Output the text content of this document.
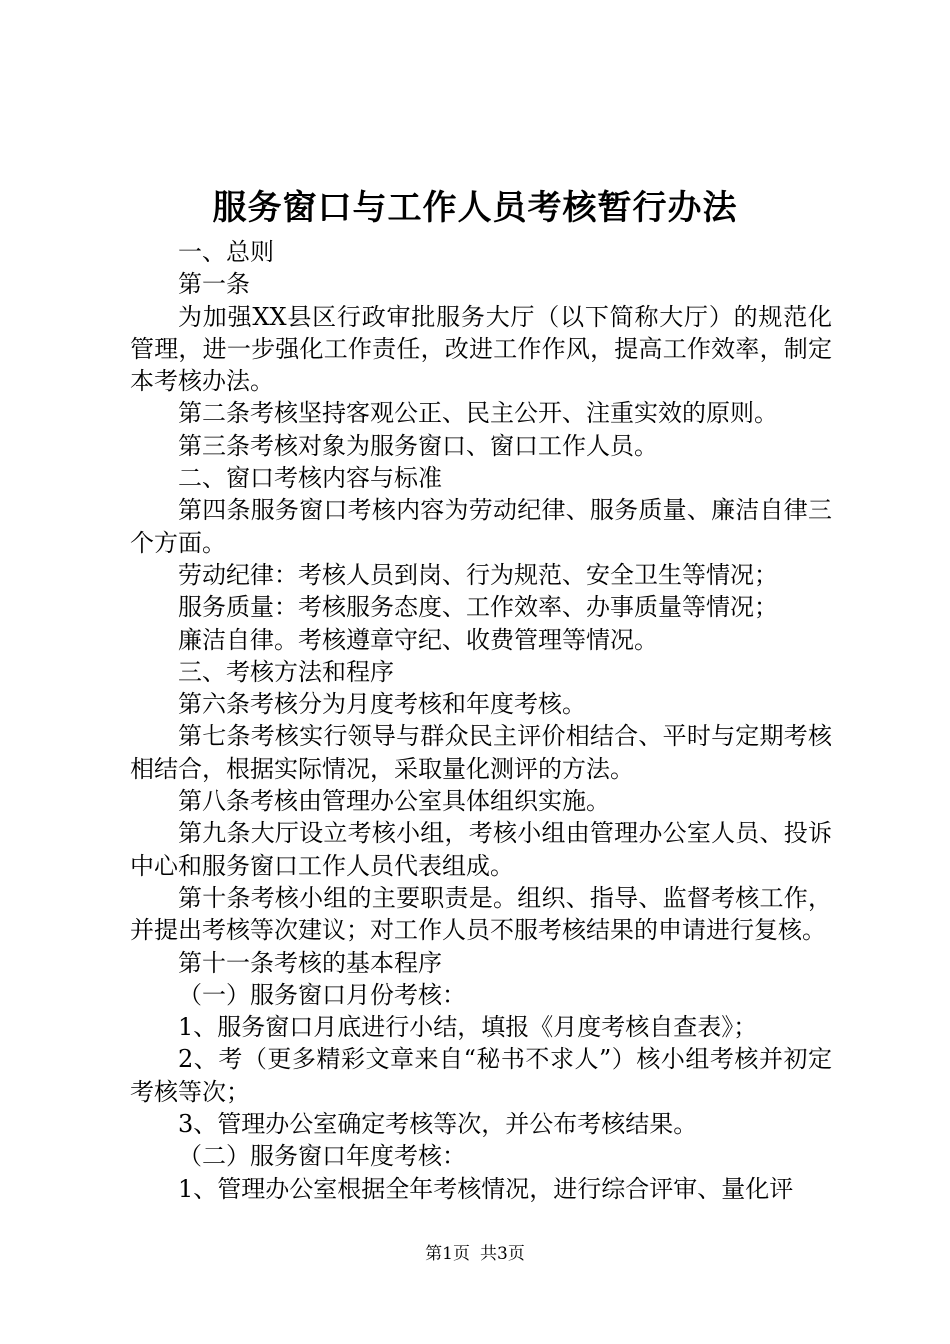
服务窗口与工作人员考核暂行办法

一、总则

第一条

为加强XX县区行政审批服务大厅（以下简称大厅）的规范化管理，进一步强化工作责任，改进工作作风，提高工作效率，制定本考核办法。

第二条考核坚持客观公正、民主公开、注重实效的原则。

第三条考核对象为服务窗口、窗口工作人员。

二、窗口考核内容与标准

第四条服务窗口考核内容为劳动纪律、服务质量、廉洁自律三个方面。

劳动纪律：考核人员到岗、行为规范、安全卫生等情况；

服务质量：考核服务态度、工作效率、办事质量等情况；

廉洁自律。考核遵章守纪、收费管理等情况。

三、考核方法和程序

第六条考核分为月度考核和年度考核。

第七条考核实行领导与群众民主评价相结合、平时与定期考核相结合，根据实际情况，采取量化测评的方法。

第八条考核由管理办公室具体组织实施。

第九条大厅设立考核小组，考核小组由管理办公室人员、投诉中心和服务窗口工作人员代表组成。

第十条考核小组的主要职责是。组织、指导、监督考核工作，并提出考核等次建议；对工作人员不服考核结果的申请进行复核。

第十一条考核的基本程序

（一）服务窗口月份考核：

1、服务窗口月底进行小结，填报《月度考核自查表》；

2、考（更多精彩文章来自“秘书不求人”）核小组考核并初定考核等次；

3、管理办公室确定考核等次，并公布考核结果。

（二）服务窗口年度考核：

1、管理办公室根据全年考核情况，进行综合评审、量化评

第1页 共3页
